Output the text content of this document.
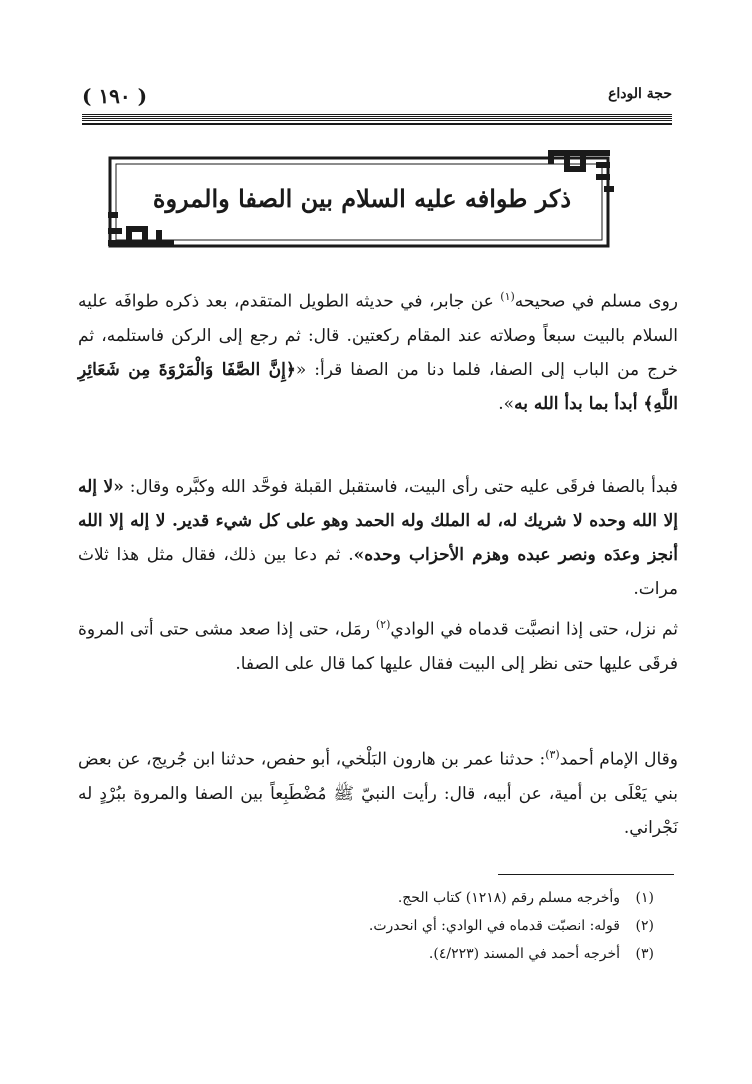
( ١٩٠ )	حجة الوداع
ذكر طوافه عليه السلام بين الصفا والمروة
روى مسلم في صحيحه$^{(١)}$ عن جابر، في حديثه الطويل المتقدم، بعد ذكره طوافَه عليه السلام بالبيت سبعاً وصلاته عند المقام ركعتين. قال: ثم رجع إلى الركن فاستلمه، ثم خرج من الباب إلى الصفا، فلما دنا من الصفا قرأ: «﴿إِنَّ الصَّفَا وَالْمَرْوَةَ مِن شَعَائِرِ اللَّهِ﴾ أبدأ بما بدأ الله به».
فبدأ بالصفا فرقَى عليه حتى رأى البيت، فاستقبل القبلة فوحَّد الله وكبَّره وقال: «لا إله إلا الله وحده لا شريك له، له الملك وله الحمد وهو على كل شيء قدير. لا إله إلا الله أنجز وعدَه ونصر عبده وهزم الأحزاب وحده». ثم دعا بين ذلك، فقال مثل هذا ثلاث مرات.
ثم نزل، حتى إذا انصبَّت قدماه في الوادي$^{(٢)}$ رمَل، حتى إذا صعد مشى حتى أتى المروة فرقَى عليها حتى نظر إلى البيت فقال عليها كما قال على الصفا.
وقال الإمام أحمد$^{(٣)}$: حدثنا عمر بن هارون البَلْخي، أبو حفص، حدثنا ابن جُريج، عن بعض بني يَعْلَى بن أمية، عن أبيه، قال: رأيت النبيّ ﷺ مُضْطَبِعاً بين الصفا والمروة ببُرْدٍ له نَجْراني.
(١)وأخرجه مسلم رقم (١٢١٨) كتاب الحج.
(٢)قوله: انصبّت قدماه في الوادي: أي انحدرت.
(٣)أخرجه أحمد في المسند (٤/٢٢٣).
